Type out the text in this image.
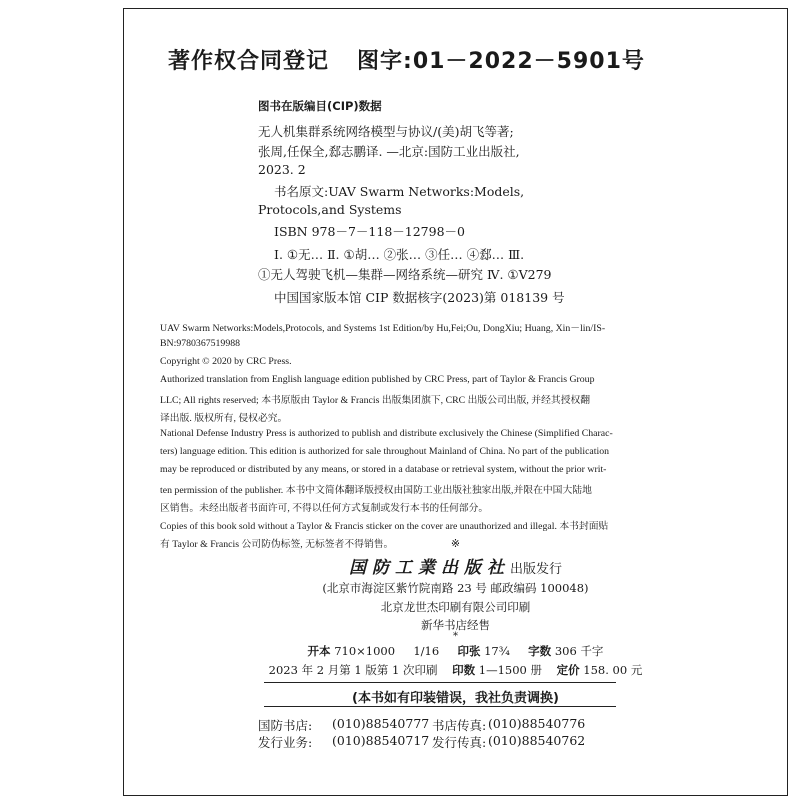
著作权合同登记 图字:01－2022－5901号
图书在版编目(CIP)数据
无人机集群系统网络模型与协议/(美)胡飞等著;
张周,任保全,郄志鹏译. —北京:国防工业出版社,
2023. 2
书名原文:UAV Swarm Networks:Models,
Protocols,and Systems
ISBN 978－7－118－12798－0
Ⅰ. ①无… Ⅱ. ①胡… ②张… ③任… ④郄… Ⅲ.
①无人驾驶飞机—集群—网络系统—研究 Ⅳ. ①V279
中国国家版本馆 CIP 数据核字(2023)第 018139 号
UAV Swarm Networks:Models,Protocols, and Systems 1st Edition/by Hu,Fei;Ou, DongXiu; Huang, Xin－lin/IS-
BN:9780367519988
Copyright © 2020 by CRC Press.
Authorized translation from English language edition published by CRC Press, part of Taylor & Francis Group
LLC; All rights reserved; 本书原版由 Taylor & Francis 出版集团旗下, CRC 出版公司出版, 并经其授权翻
译出版. 版权所有, 侵权必究。
National Defense Industry Press is authorized to publish and distribute exclusively the Chinese (Simplified Charac-
ters) language edition. This edition is authorized for sale throughout Mainland of China. No part of the publication
may be reproduced or distributed by any means, or stored in a database or retrieval system, without the prior writ-
ten permission of the publisher. 本书中文简体翻译版授权由国防工业出版社独家出版,并限在中国大陆地
区销售。未经出版者书面许可, 不得以任何方式复制或发行本书的任何部分。
Copies of this book sold without a Taylor & Francis sticker on the cover are unauthorized and illegal. 本书封面贴
有 Taylor & Francis 公司防伪标签, 无标签者不得销售。	※
国防工業出版社出版发行
(北京市海淀区紫竹院南路 23 号 邮政编码 100048)
北京龙世杰印刷有限公司印刷
新华书店经售
*
开本 710×1000 1/16 印张 17¾ 字数 306 千字
2023 年 2 月第 1 版第 1 次印刷 印数 1—1500 册 定价 158. 00 元
(本书如有印装错误，我社负责调换)
国防书店: (010)88540777 书店传真: (010)88540776
发行业务: (010)88540717 发行传真: (010)88540762
